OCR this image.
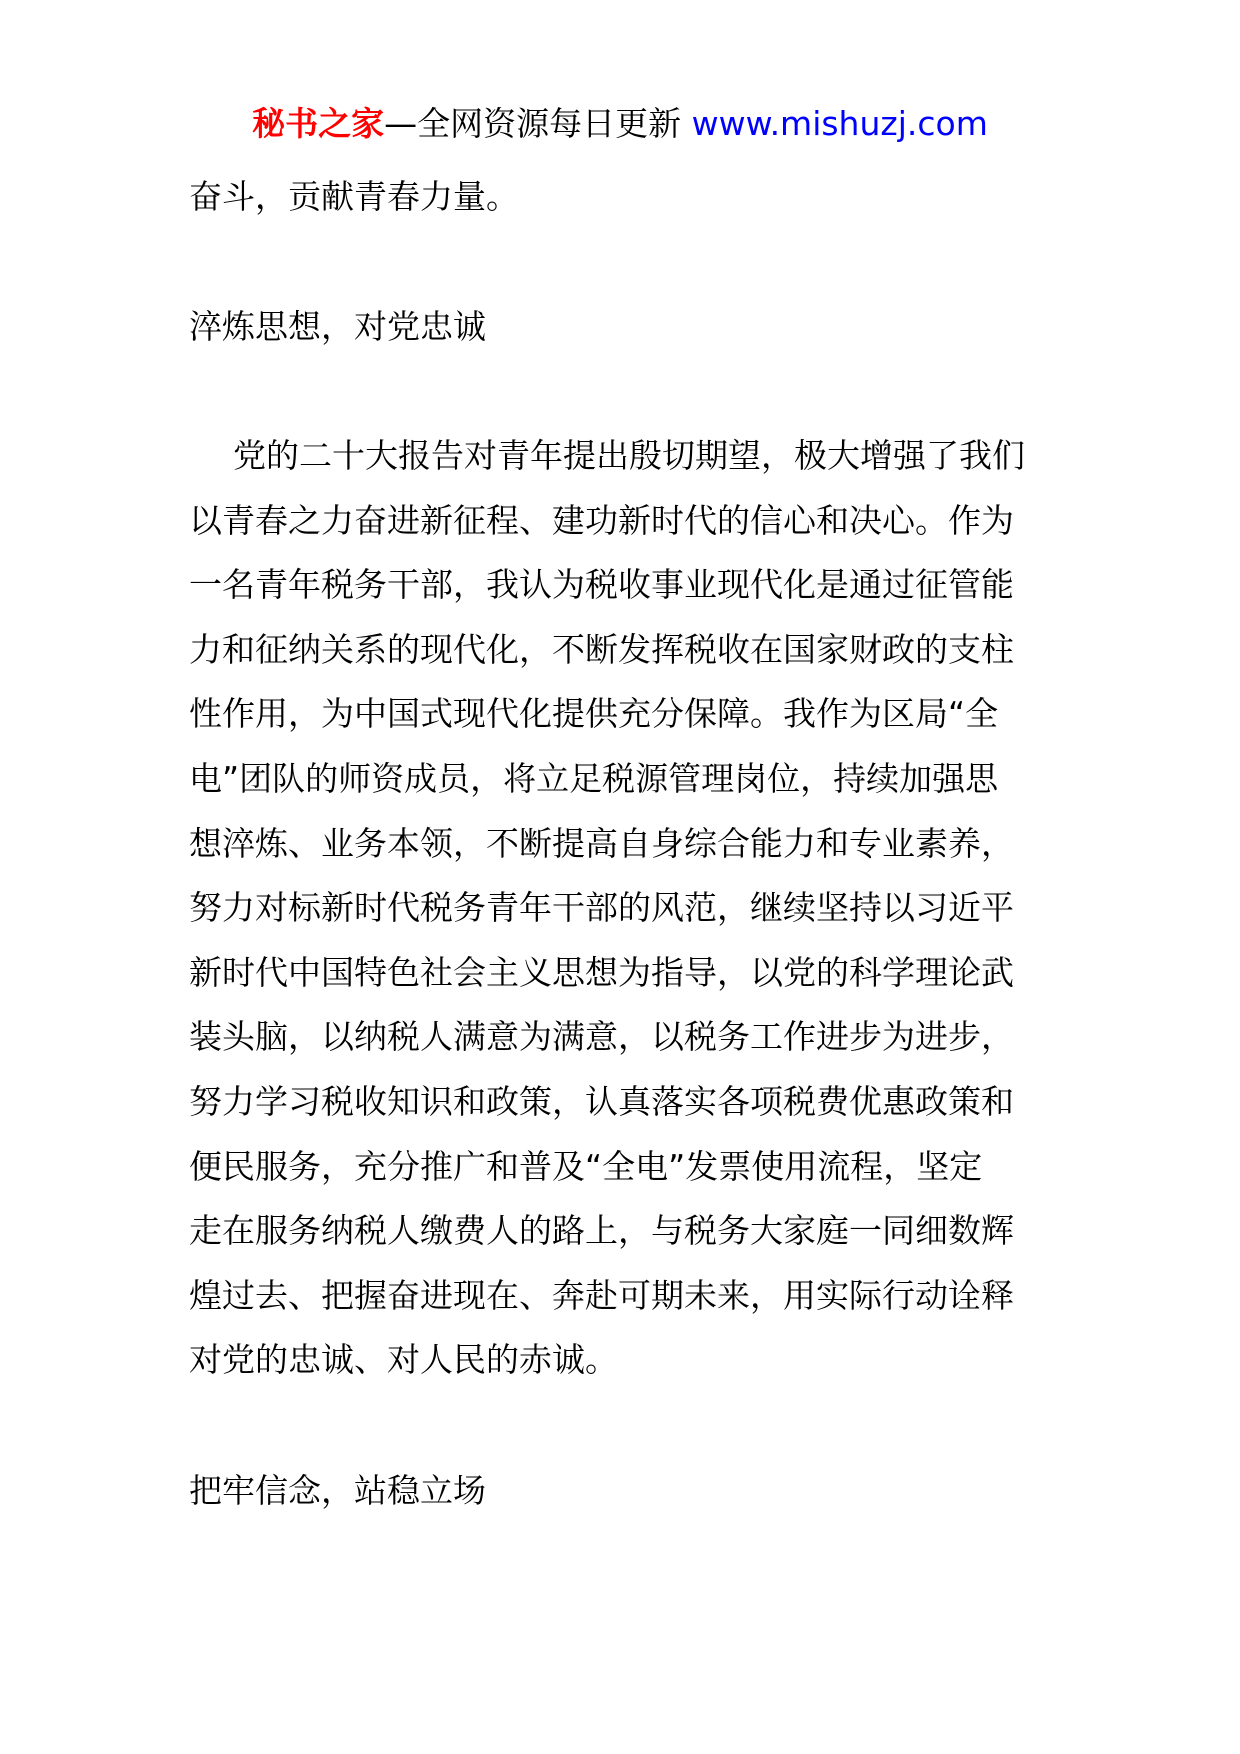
秘书之家—全网资源每日更新 www.mishuzj.com

奋斗，贡献青春力量。

淬炼思想，对党忠诚

党的二十大报告对青年提出殷切期望，极大增强了我们
以青春之力奋进新征程、建功新时代的信心和决心。作为
一名青年税务干部，我认为税收事业现代化是通过征管能
力和征纳关系的现代化，不断发挥税收在国家财政的支柱
性作用，为中国式现代化提供充分保障。我作为区局“全
电”团队的师资成员，将立足税源管理岗位，持续加强思
想淬炼、业务本领，不断提高自身综合能力和专业素养，
努力对标新时代税务青年干部的风范，继续坚持以习近平
新时代中国特色社会主义思想为指导，以党的科学理论武
装头脑，以纳税人满意为满意，以税务工作进步为进步，
努力学习税收知识和政策，认真落实各项税费优惠政策和
便民服务，充分推广和普及“全电”发票使用流程，坚定
走在服务纳税人缴费人的路上，与税务大家庭一同细数辉
煌过去、把握奋进现在、奔赴可期未来，用实际行动诠释
对党的忠诚、对人民的赤诚。

把牢信念，站稳立场
